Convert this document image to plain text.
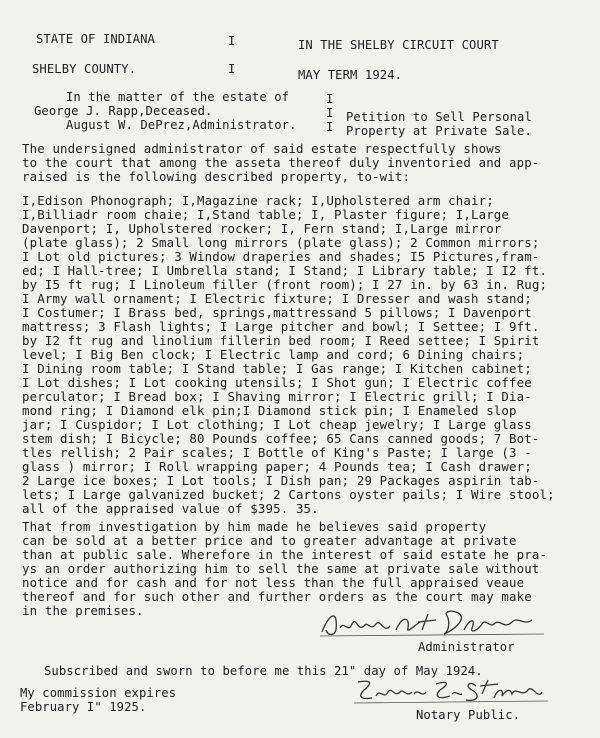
STATE OF INDIANA	I	IN THE SHELBY CIRCUIT COURT
SHELBY COUNTY.	I	MAY TERM 1924.
In the matter of the estate of
George J. Rapp,Deceased.
August W. DePrez,Administrator.
I
I
I
Petition to Sell Personal
Property at Private Sale.
The undersigned administrator of said estate respectfully shows
to the court that among the asseta thereof duly inventoried and app-
raised is the following described property, to-wit:
I,Edison Phonograph; I,Magazine rack; I,Upholstered arm chair;
I,Billiadr room chaie; I,Stand table; I, Plaster figure; I,Large
Davenport; I, Upholstered rocker; I, Fern stand; I,Large mirror
(plate glass); 2 Small long mirrors (plate glass); 2 Common mirrors;
I Lot old pictures; 3 Window draperies and shades; I5 Pictures,fram-
ed; I Hall-tree; I Umbrella stand; I Stand; I Library table; I I2 ft.
by I5 ft rug; I Linoleum filler (front room); I 27 in. by 63 in. Rug;
I Army wall ornament; I Electric fixture; I Dresser and wash stand;
I Costumer; I Brass bed, springs,mattressand 5 pillows; I Davenport
mattress; 3 Flash lights; I Large pitcher and bowl; I Settee; I 9ft.
by I2 ft rug and linolium fillerin bed room; I Reed settee; I Spirit
level; I Big Ben clock; I Electric lamp and cord; 6 Dining chairs;
I Dining room table; I Stand table; I Gas range; I Kitchen cabinet;
I Lot dishes; I Lot cooking utensils; I Shot gun; I Electric coffee
perculator; I Bread box; I Shaving mirror; I Electric grill; I Dia-
mond ring; I Diamond elk pin;I Diamond stick pin; I Enameled slop
jar; I Cuspidor; I Lot clothing; I Lot cheap jewelry; I Large glass
stem dish; I Bicycle; 80 Pounds coffee; 65 Cans canned goods; 7 Bot-
tles rellish; 2 Pair scales; I Bottle of King's Paste; I large (3 -
glass ) mirror; I Roll wrapping paper; 4 Pounds tea; I Cash drawer;
2 Large ice boxes; I Lot tools; I Dish pan; 29 Packages aspirin tab-
lets; I Large galvanized bucket; 2 Cartons oyster pails; I Wire stool;
all of the appraised value of $395. 35.
That from investigation by him made he believes said property
can be sold at a better price and to greater advantage at private
than at public sale. Wherefore in the interest of said estate he pra-
ys an order authorizing him to sell the same at private sale without
notice and for cash and for not less than the full appraised veaue
thereof and for such other and further orders as the court may make
in the premises.
Administrator
Subscribed and sworn to before me this 21" day of May 1924.
My commission expires
February I" 1925.
Notary Public.
